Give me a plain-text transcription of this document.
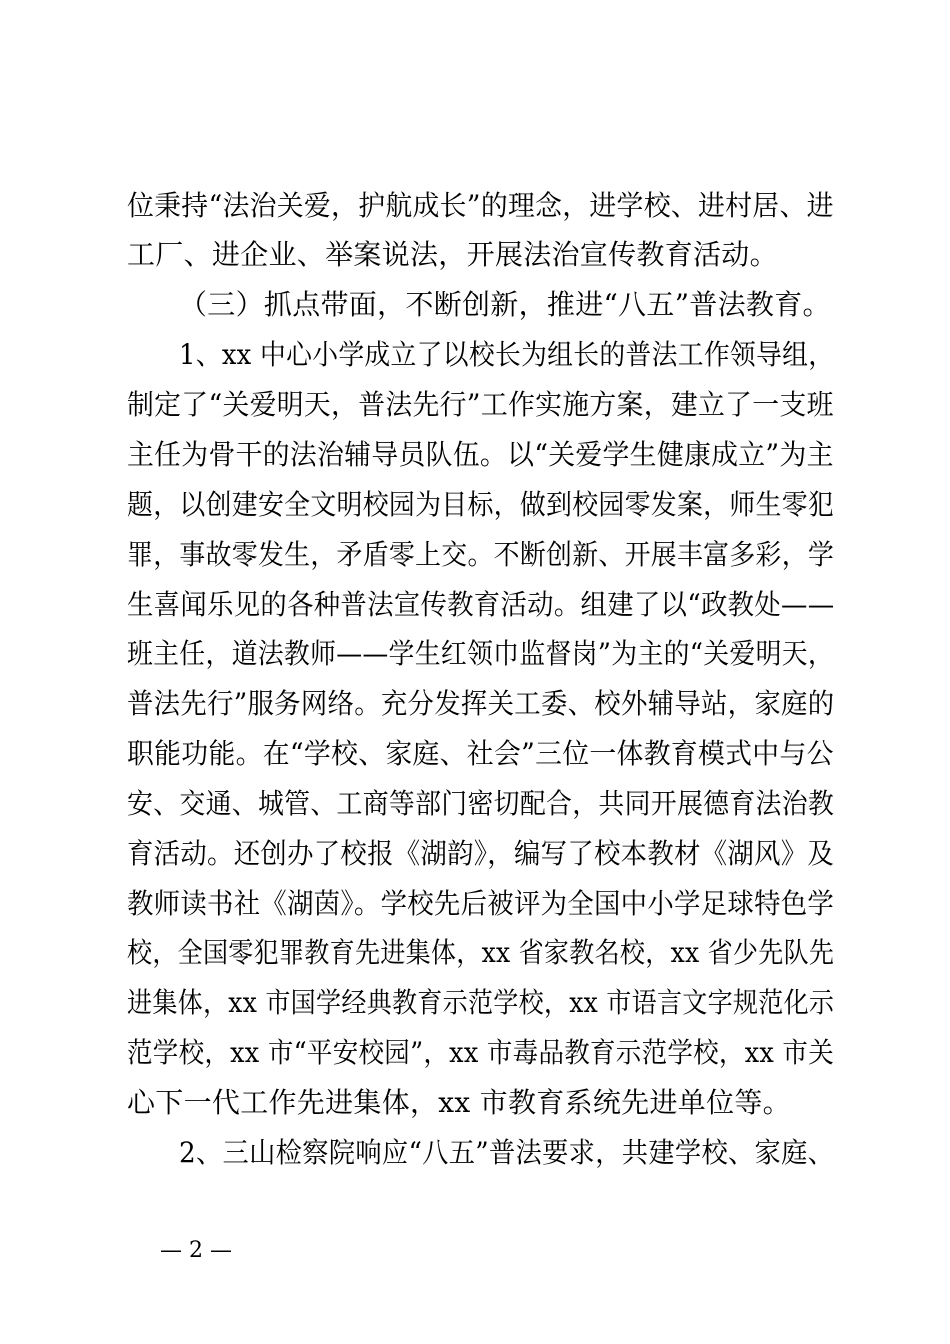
位秉持“法治关爱，护航成长”的理念，进学校、进村居、进
工厂、进企业、举案说法，开展法治宣传教育活动。
（三）抓点带面，不断创新，推进“八五”普法教育。
1、xx 中心小学成立了以校长为组长的普法工作领导组，
制定了“关爱明天，普法先行”工作实施方案，建立了一支班
主任为骨干的法治辅导员队伍。以“关爱学生健康成立”为主
题，以创建安全文明校园为目标，做到校园零发案，师生零犯
罪，事故零发生，矛盾零上交。不断创新、开展丰富多彩，学
生喜闻乐见的各种普法宣传教育活动。组建了以“政教处——
班主任，道法教师——学生红领巾监督岗”为主的“关爱明天，
普法先行”服务网络。充分发挥关工委、校外辅导站，家庭的
职能功能。在“学校、家庭、社会”三位一体教育模式中与公
安、交通、城管、工商等部门密切配合，共同开展德育法治教
育活动。还创办了校报《湖韵》，编写了校本教材《湖风》及
教师读书社《湖茵》。学校先后被评为全国中小学足球特色学
校，全国零犯罪教育先进集体，xx 省家教名校，xx 省少先队先
进集体，xx 市国学经典教育示范学校，xx 市语言文字规范化示
范学校，xx 市“平安校园”，xx 市毒品教育示范学校，xx 市关
心下一代工作先进集体，xx 市教育系统先进单位等。
2、三山检察院响应“八五”普法要求，共建学校、家庭、
— 2 —
